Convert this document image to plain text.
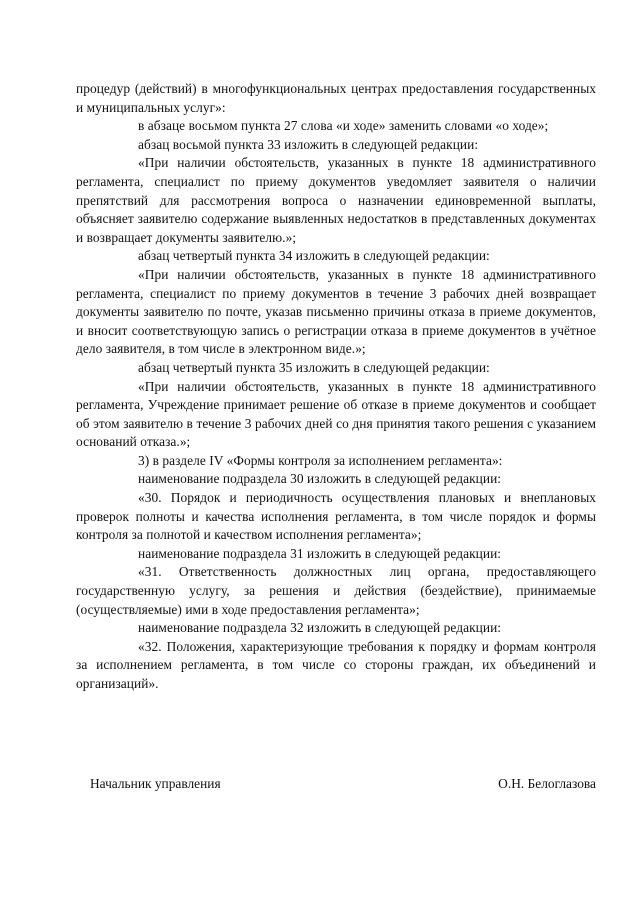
процедур (действий) в многофункциональных центрах предоставления государственных и муниципальных услуг»:

в абзаце восьмом пункта 27 слова «и ходе» заменить словами «о ходе»;

абзац восьмой пункта 33 изложить в следующей редакции:

«При наличии обстоятельств, указанных в пункте 18 административного регламента, специалист по приему документов уведомляет заявителя о наличии препятствий для рассмотрения вопроса о назначении единовременной выплаты, объясняет заявителю содержание выявленных недостатков в представленных документах и возвращает документы заявителю.»;

абзац четвертый пункта 34 изложить в следующей редакции:

«При наличии обстоятельств, указанных в пункте 18 административного регламента, специалист по приему документов в течение 3 рабочих дней возвращает документы заявителю по почте, указав письменно причины отказа в приеме документов, и вносит соответствующую запись о регистрации отказа в приеме документов в учётное дело заявителя, в том числе в электронном виде.»;

абзац четвертый пункта 35 изложить в следующей редакции:

«При наличии обстоятельств, указанных в пункте 18 административного регламента, Учреждение принимает решение об отказе в приеме документов и сообщает об этом заявителю в течение 3 рабочих дней со дня принятия такого решения с указанием оснований отказа.»;

3) в разделе IV «Формы контроля за исполнением регламента»:

наименование подраздела 30 изложить в следующей редакции:

«30. Порядок и периодичность осуществления плановых и внеплановых проверок полноты и качества исполнения регламента, в том числе порядок и формы контроля за полнотой и качеством исполнения регламента»;

наименование подраздела 31 изложить в следующей редакции:

«31. Ответственность должностных лиц органа, предоставляющего государственную услугу, за решения и действия (бездействие), принимаемые (осуществляемые) ими в ходе предоставления регламента»;

наименование подраздела 32 изложить в следующей редакции:

«32. Положения, характеризующие требования к порядку и формам контроля за исполнением регламента, в том числе со стороны граждан, их объединений и организаций».

Начальник управления	О.Н. Белоглазова
